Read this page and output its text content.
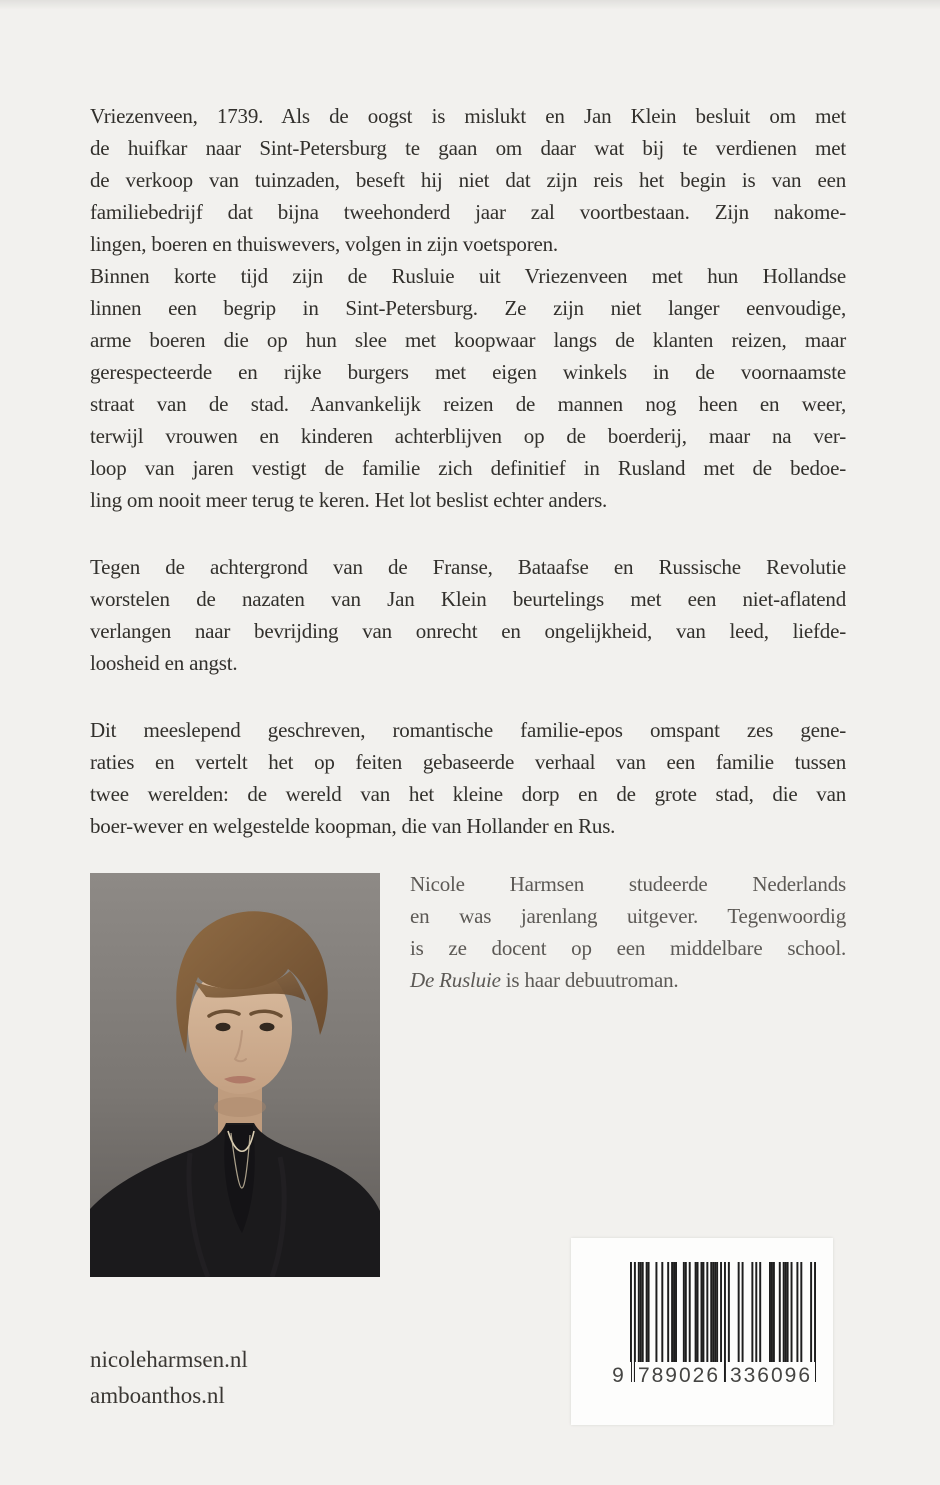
Vriezenveen, 1739. Als de oogst is mislukt en Jan Klein besluit om met
de huifkar naar Sint-Petersburg te gaan om daar wat bij te verdienen met
de verkoop van tuinzaden, beseft hij niet dat zijn reis het begin is van een
familiebedrijf dat bijna tweehonderd jaar zal voortbestaan. Zijn nakome-
lingen, boeren en thuiswevers, volgen in zijn voetsporen.

Binnen korte tijd zijn de Rusluie uit Vriezenveen met hun Hollandse
linnen een begrip in Sint-Petersburg. Ze zijn niet langer eenvoudige,
arme boeren die op hun slee met koopwaar langs de klanten reizen, maar
gerespecteerde en rijke burgers met eigen winkels in de voornaamste
straat van de stad. Aanvankelijk reizen de mannen nog heen en weer,
terwijl vrouwen en kinderen achterblijven op de boerderij, maar na ver-
loop van jaren vestigt de familie zich definitief in Rusland met de bedoe-
ling om nooit meer terug te keren. Het lot beslist echter anders.

Tegen de achtergrond van de Franse, Bataafse en Russische Revolutie
worstelen de nazaten van Jan Klein beurtelings met een niet-aflatend
verlangen naar bevrijding van onrecht en ongelijkheid, van leed, liefde-
loosheid en angst.

Dit meeslepend geschreven, romantische familie-epos omspant zes gene-
raties en vertelt het op feiten gebaseerde verhaal van een familie tussen
twee werelden: de wereld van het kleine dorp en de grote stad, die van
boer-wever en welgestelde koopman, die van Hollander en Rus.

Nicole Harmsen studeerde Nederlands
en was jarenlang uitgever. Tegenwoordig
is ze docent op een middelbare school.
De Rusluie is haar debuutroman.
nicoleharmsen.nl
amboanthos.nl
9 789026 336096
